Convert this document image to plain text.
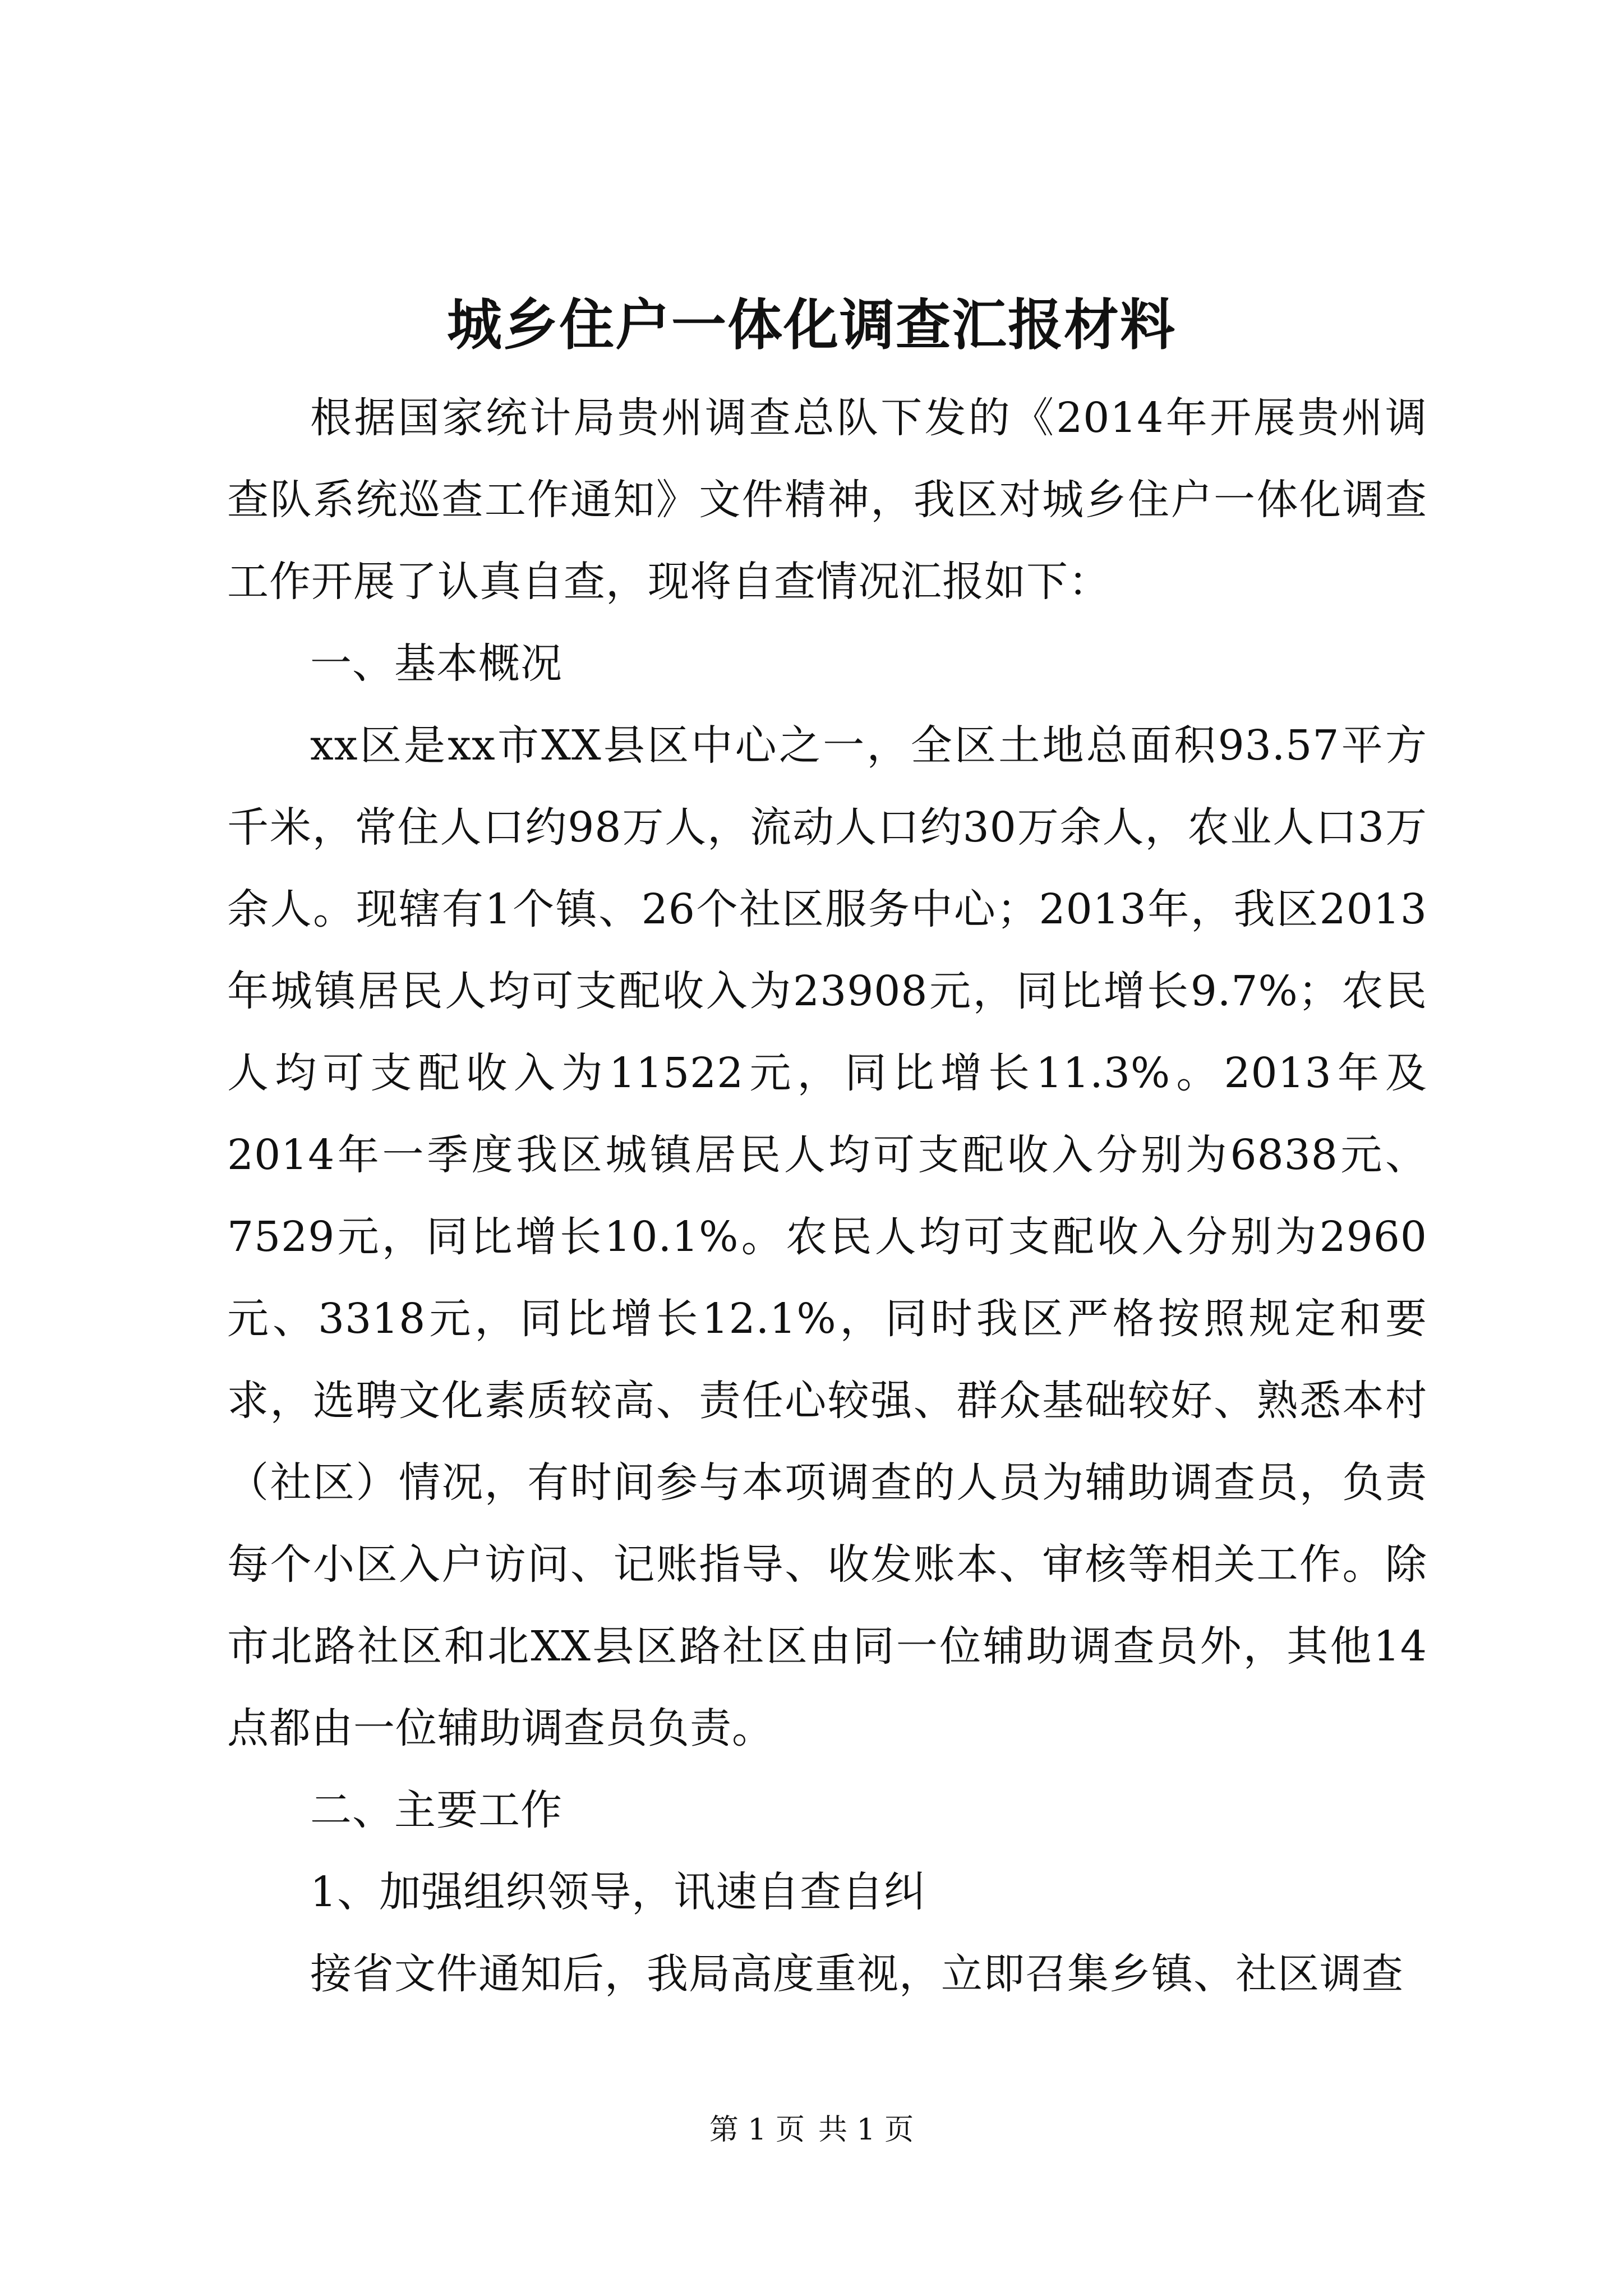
城乡住户一体化调查汇报材料

根据国家统计局贵州调查总队下发的《2014年开展贵州调查队系统巡查工作通知》文件精神，我区对城乡住户一体化调查工作开展了认真自查，现将自查情况汇报如下：

一、基本概况

xx区是xx市XX县区中心之一，全区土地总面积93.57平方千米，常住人口约98万人，流动人口约30万余人，农业人口3万余人。现辖有1个镇、26个社区服务中心；2013年，我区2013年城镇居民人均可支配收入为23908元，同比增长9.7%；农民人均可支配收入为11522元，同比增长11.3%。2013年及2014年一季度我区城镇居民人均可支配收入分别为6838元、7529元，同比增长10.1%。农民人均可支配收入分别为2960元、3318元，同比增长12.1%，同时我区严格按照规定和要求，选聘文化素质较高、责任心较强、群众基础较好、熟悉本村（社区）情况，有时间参与本项调查的人员为辅助调查员，负责每个小区入户访问、记账指导、收发账本、审核等相关工作。除市北路社区和北XX县区路社区由同一位辅助调查员外，其他14点都由一位辅助调查员负责。

二、主要工作

1、加强组织领导，讯速自查自纠

接省文件通知后，我局高度重视，立即召集乡镇、社区调查

第 1 页 共 1 页
